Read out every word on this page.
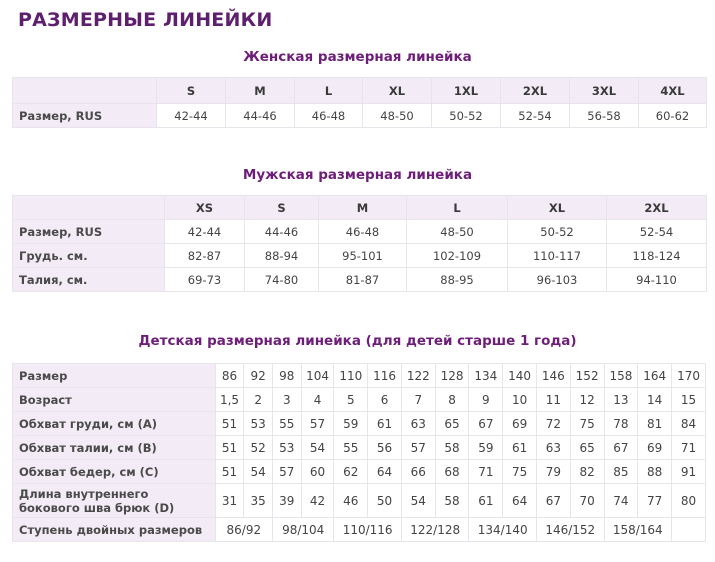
РАЗМЕРНЫЕ ЛИНЕЙКИ
Женская размерная линейка
	S	M	L	XL	1XL	2XL	3XL	4XL
Размер, RUS	42-44	44-46	46-48	48-50	50-52	52-54	56-58	60-62
Мужская размерная линейка
	XS	S	M	L	XL	2XL
Размер, RUS	42-44	44-46	46-48	48-50	50-52	52-54
Грудь. см.	82-87	88-94	95-101	102-109	110-117	118-124
Талия, см.	69-73	74-80	81-87	88-95	96-103	94-110
Детская размерная линейка (для детей старше 1 года)
Размер	86	92	98	104	110	116	122	128	134	140	146	152	158	164	170
Возраст	1,5	2	3	4	5	6	7	8	9	10	11	12	13	14	15
Обхват груди, см (A)	51	53	55	57	59	61	63	65	67	69	72	75	78	81	84
Обхват талии, см (B)	51	52	53	54	55	56	57	58	59	61	63	65	67	69	71
Обхват бедер, см (C)	51	54	57	60	62	64	66	68	71	75	79	82	85	88	91
Длина внутреннего
бокового шва брюк (D)	31	35	39	42	46	50	54	58	61	64	67	70	74	77	80
Ступень двойных размеров	86/92		98/104		110/116		122/128		134/140		146/152		158/164		
